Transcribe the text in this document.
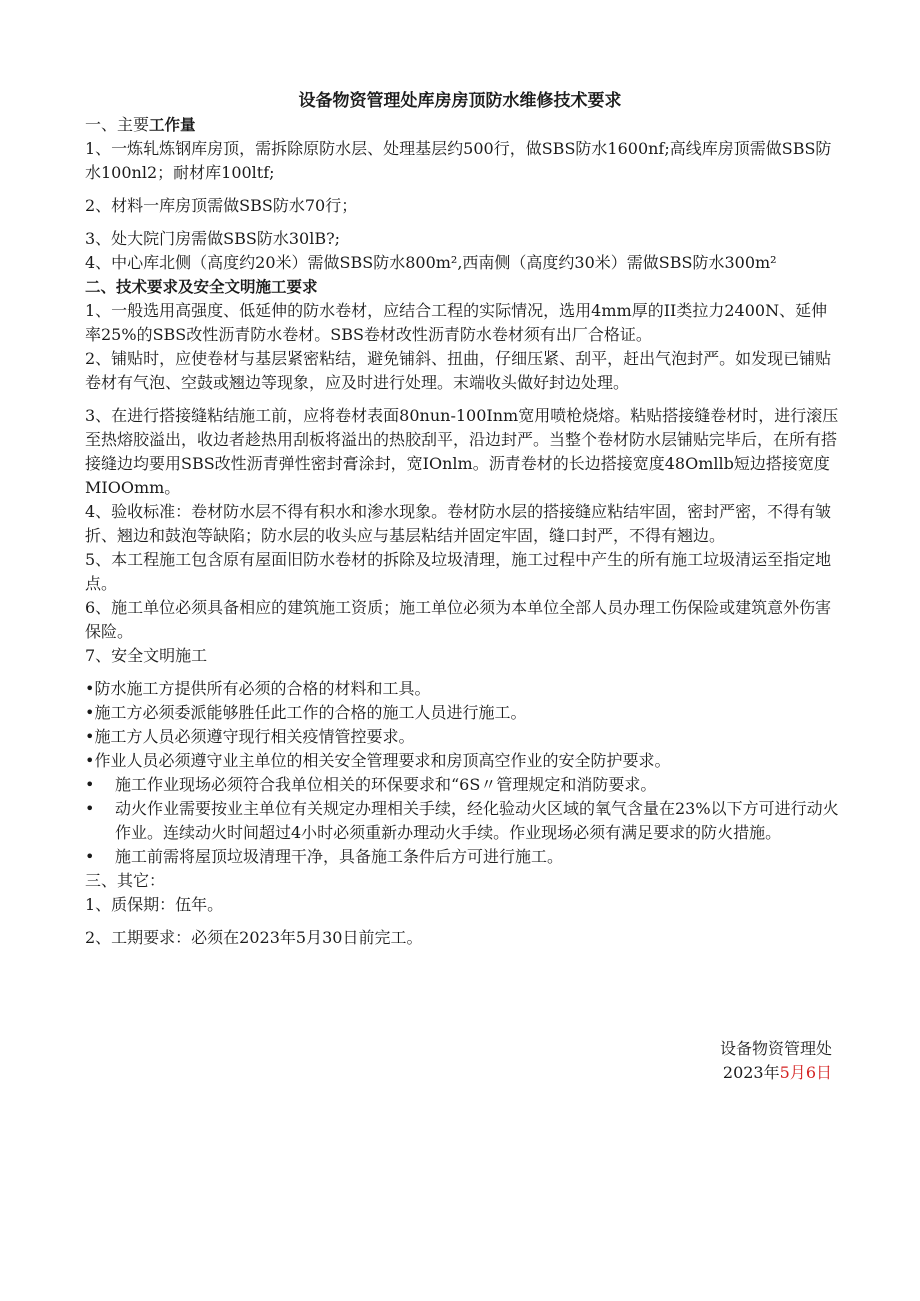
设备物资管理处库房房顶防水维修技术要求

一、主要工作量

1、一炼轧炼钢库房顶，需拆除原防水层、处理基层约500行，做SBS防水1600nf;高线库房顶需做SBS防水100nl2；耐材库100ltf;

2、材料一库房顶需做SBS防水70行；

3、处大院门房需做SBS防水30lB?;

4、中心库北侧（高度约20米）需做SBS防水800m²,西南侧（高度约30米）需做SBS防水300m²

二、技术要求及安全文明施工要求

1、一般选用高强度、低延伸的防水卷材，应结合工程的实际情况，选用4mm厚的II类拉力2400N、延伸率25%的SBS改性沥青防水卷材。SBS卷材改性沥青防水卷材须有出厂合格证。

2、铺贴时，应使卷材与基层紧密粘结，避免铺斜、扭曲，仔细压紧、刮平，赶出气泡封严。如发现已铺贴卷材有气泡、空鼓或翘边等现象，应及时进行处理。末端收头做好封边处理。

3、在进行搭接缝粘结施工前，应将卷材表面80nun-100Inm宽用喷枪烧熔。粘贴搭接缝卷材时，进行滚压至热熔胶溢出，收边者趁热用刮板将溢出的热胶刮平，沿边封严。当整个卷材防水层铺贴完毕后，在所有搭接缝边均要用SBS改性沥青弹性密封膏涂封，宽IOnlm。沥青卷材的长边搭接宽度48Omllb短边搭接宽度MIOOmm。

4、验收标准：卷材防水层不得有积水和渗水现象。卷材防水层的搭接缝应粘结牢固，密封严密，不得有皱折、翘边和鼓泡等缺陷；防水层的收头应与基层粘结并固定牢固，缝口封严，不得有翘边。

5、本工程施工包含原有屋面旧防水卷材的拆除及垃圾清理，施工过程中产生的所有施工垃圾清运至指定地点。

6、施工单位必须具备相应的建筑施工资质；施工单位必须为本单位全部人员办理工伤保险或建筑意外伤害保险。

7、安全文明施工

• 防水施工方提供所有必须的合格的材料和工具。
• 施工方必须委派能够胜任此工作的合格的施工人员进行施工。
• 施工方人员必须遵守现行相关疫情管控要求。
• 作业人员必须遵守业主单位的相关安全管理要求和房顶高空作业的安全防护要求。
•	施工作业现场必须符合我单位相关的环保要求和“6S〃管理规定和消防要求。
•	动火作业需要按业主单位有关规定办理相关手续，经化验动火区域的氧气含量在23%以下方可进行动火作业。连续动火时间超过4小时必须重新办理动火手续。作业现场必须有满足要求的防火措施。
•	施工前需将屋顶垃圾清理干净，具备施工条件后方可进行施工。

三、其它：

1、质保期：伍年。

2、工期要求：必须在2023年5月30日前完工。

设备物资管理处
2023年5月6日
